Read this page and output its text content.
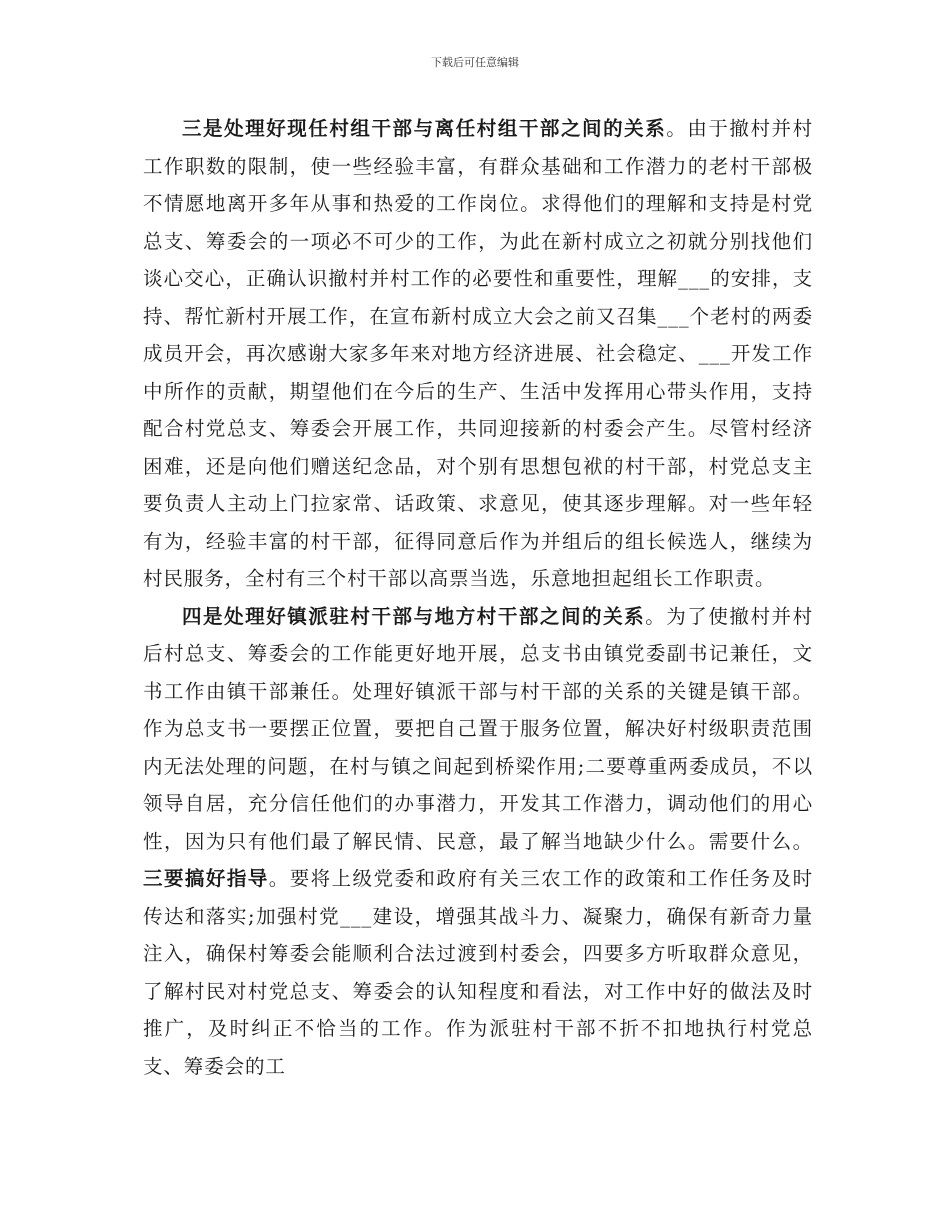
下载后可任意编辑

三是处理好现任村组干部与离任村组干部之间的关系。由于撤村并村工作职数的限制，使一些经验丰富，有群众基础和工作潜力的老村干部极不情愿地离开多年从事和热爱的工作岗位。求得他们的理解和支持是村党总支、筹委会的一项必不可少的工作，为此在新村成立之初就分别找他们谈心交心，正确认识撤村并村工作的必要性和重要性，理解___的安排，支持、帮忙新村开展工作，在宣布新村成立大会之前又召集___个老村的两委成员开会，再次感谢大家多年来对地方经济进展、社会稳定、___开发工作中所作的贡献，期望他们在今后的生产、生活中发挥用心带头作用，支持配合村党总支、筹委会开展工作，共同迎接新的村委会产生。尽管村经济困难，还是向他们赠送纪念品，对个别有思想包袱的村干部，村党总支主要负责人主动上门拉家常、话政策、求意见，使其逐步理解。对一些年轻有为，经验丰富的村干部，征得同意后作为并组后的组长候选人，继续为村民服务，全村有三个村干部以高票当选，乐意地担起组长工作职责。

四是处理好镇派驻村干部与地方村干部之间的关系。为了使撤村并村后村总支、筹委会的工作能更好地开展，总支书由镇党委副书记兼任，文书工作由镇干部兼任。处理好镇派干部与村干部的关系的关键是镇干部。作为总支书一要摆正位置，要把自己置于服务位置，解决好村级职责范围内无法处理的问题，在村与镇之间起到桥梁作用;二要尊重两委成员，不以领导自居，充分信任他们的办事潜力，开发其工作潜力，调动他们的用心性，因为只有他们最了解民情、民意，最了解当地缺少什么。需要什么。三要搞好指导。要将上级党委和政府有关三农工作的政策和工作任务及时传达和落实;加强村党___建设，增强其战斗力、凝聚力，确保有新奇力量注入，确保村筹委会能顺利合法过渡到村委会，四要多方听取群众意见，了解村民对村党总支、筹委会的认知程度和看法，对工作中好的做法及时推广，及时纠正不恰当的工作。作为派驻村干部不折不扣地执行村党总支、筹委会的工
